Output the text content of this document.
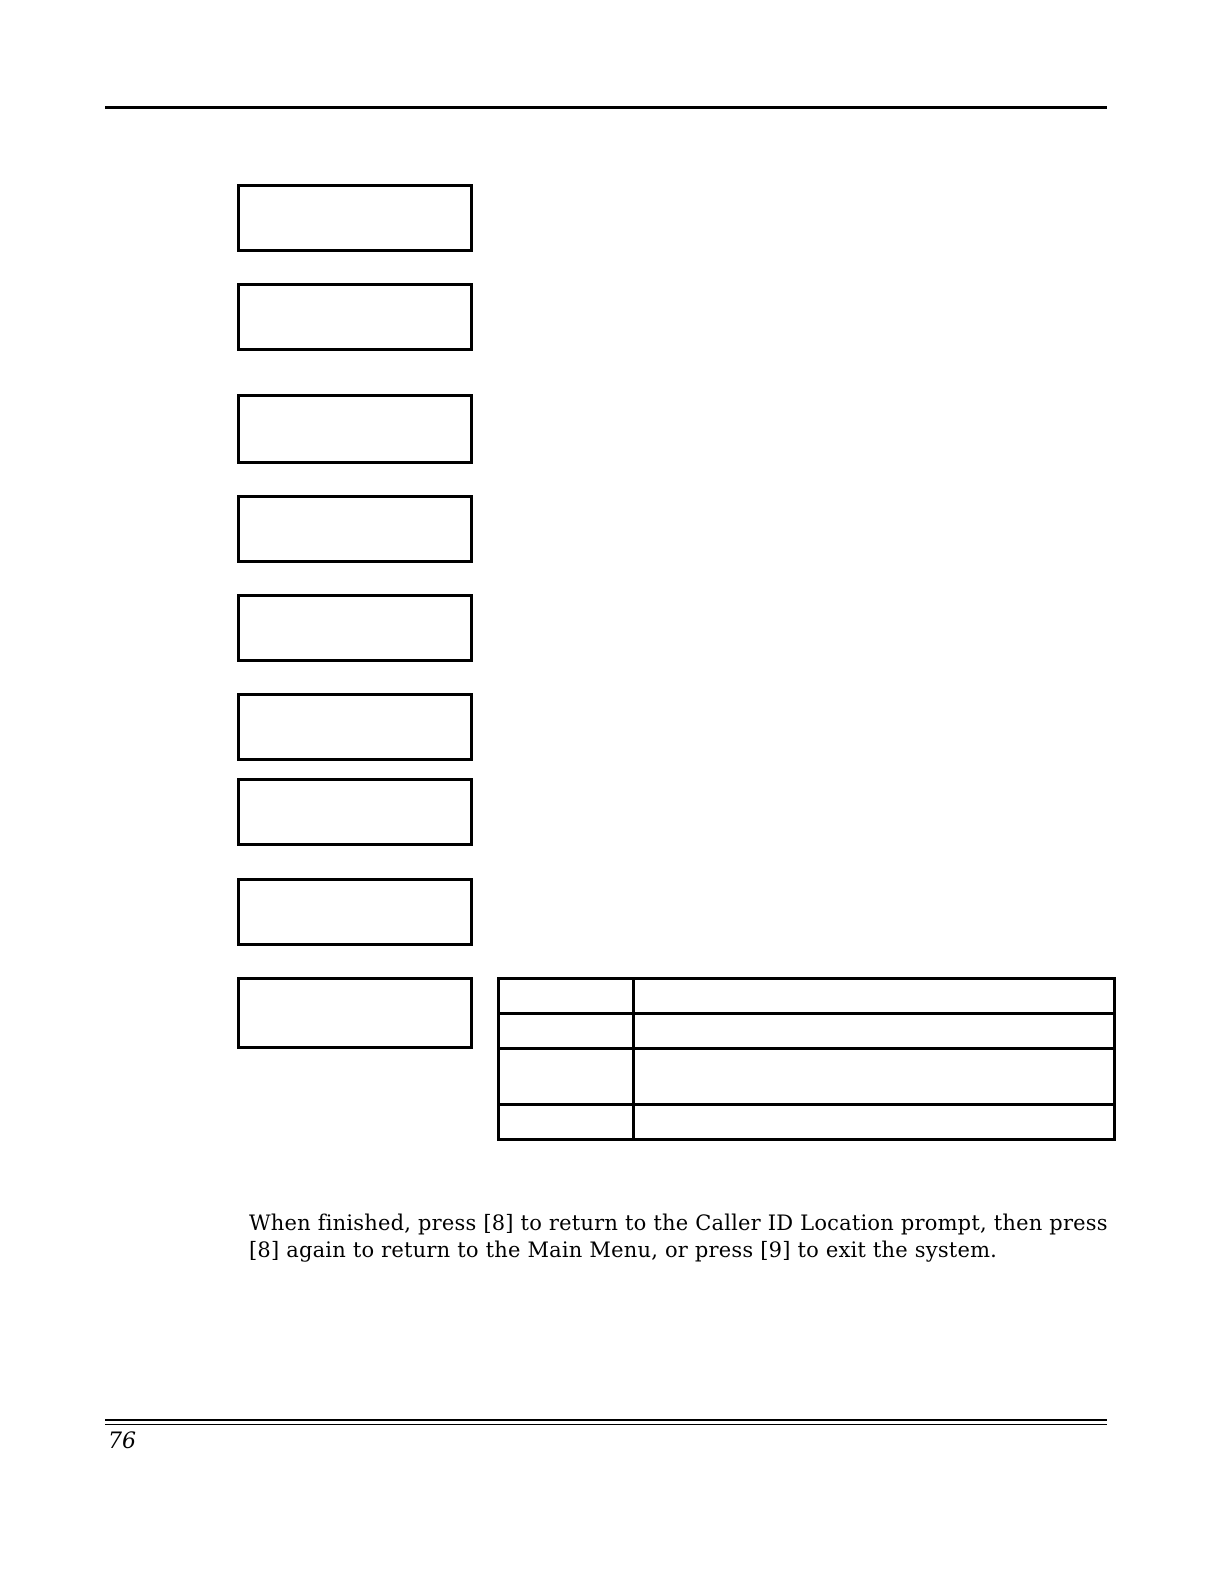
When finished, press [8] to return to the Caller ID Location prompt, then press [8] again to return to the Main Menu, or press [9] to exit the system.

76
